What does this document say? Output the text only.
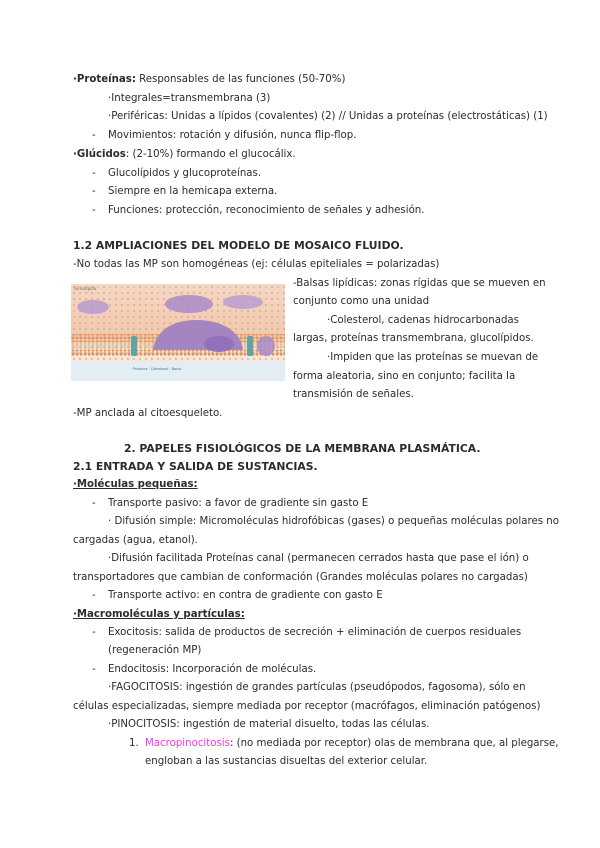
·Proteínas: Responsables de las funciones (50-70%)
·Integrales=transmembrana (3)
·Periféricas: Unidas a lípidos (covalentes) (2) // Unidas a proteínas (electrostáticas) (1)
- Movimientos: rotación y difusión, nunca flip-flop.
·Glúcidos: (2-10%) formando el glucocálix.
- Glucolípidos y glucoproteínas.
- Siempre en la hemicapa externa.
- Funciones: protección, reconocimiento de señales y adhesión.
1.2 AMPLIACIONES DEL MODELO DE MOSAICO FLUIDO.
-No todas las MP son homogéneas (ej: células epiteliales = polarizadas)
Glucolípido
Proteína · Colesterol · Balsa
-Balsas lipídicas: zonas rígidas que se mueven en
conjunto como una unidad
·Colesterol, cadenas hidrocarbonadas
largas, proteínas transmembrana, glucolípidos.
·Impiden que las proteínas se muevan de
forma aleatoria, sino en conjunto; facilita la
transmisión de señales.
-MP anclada al citoesqueleto.
2. PAPELES FISIOLÓGICOS DE LA MEMBRANA PLASMÁTICA.
2.1 ENTRADA Y SALIDA DE SUSTANCIAS.
·Moléculas pequeñas:
- Transporte pasivo: a favor de gradiente sin gasto E
· Difusión simple: Micromoléculas hidrofóbicas (gases) o pequeñas moléculas polares no
cargadas (agua, etanol).
·Difusión facilitada Proteínas canal (permanecen cerrados hasta que pase el ión) o
transportadores que cambian de conformación (Grandes moléculas polares no cargadas)
- Transporte activo: en contra de gradiente con gasto E
·Macromoléculas y partículas:
- Exocitosis: salida de productos de secreción + eliminación de cuerpos residuales
(regeneración MP)
- Endocitosis: Incorporación de moléculas.
·FAGOCITOSIS: ingestión de grandes partículas (pseudópodos, fagosoma), sólo en
células especializadas, siempre mediada por receptor (macrófagos, eliminación patógenos)
·PINOCITOSIS: ingestión de material disuelto, todas las células.
1. Macropinocitosis: (no mediada por receptor) olas de membrana que, al plegarse,
engloban a las sustancias disueltas del exterior celular.
